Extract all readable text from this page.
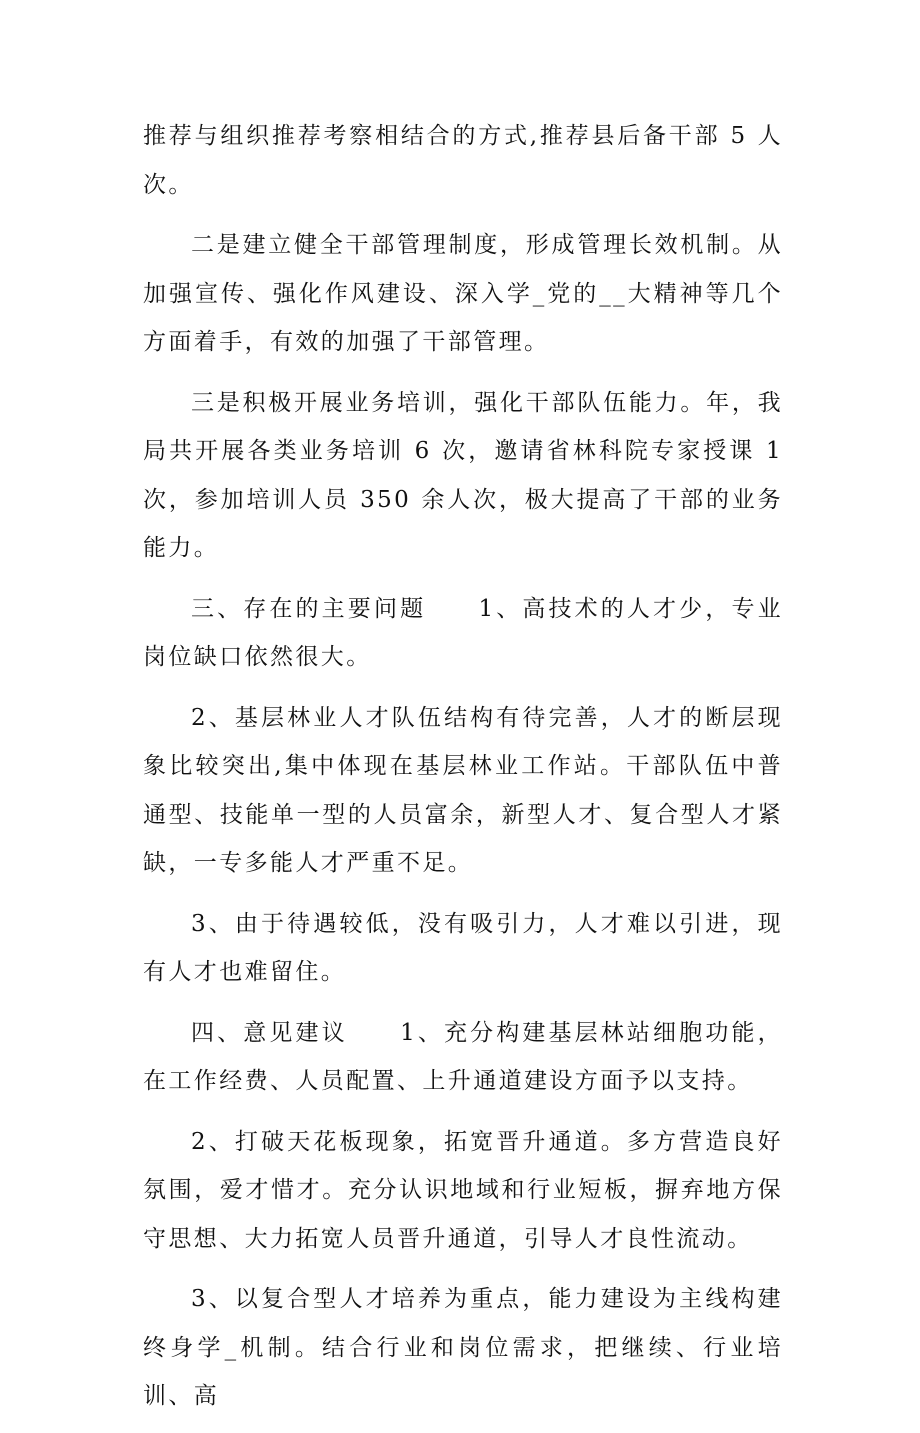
推荐与组织推荐考察相结合的方式,推荐县后备干部 5 人次。

二是建立健全干部管理制度，形成管理长效机制。从加强宣传、强化作风建设、深入学_党的__大精神等几个方面着手，有效的加强了干部管理。

三是积极开展业务培训，强化干部队伍能力。年，我局共开展各类业务培训 6 次，邀请省林科院专家授课 1 次，参加培训人员 350 余人次，极大提高了干部的业务能力。

三、存在的主要问题　　1、高技术的人才少，专业岗位缺口依然很大。

2、基层林业人才队伍结构有待完善，人才的断层现象比较突出,集中体现在基层林业工作站。干部队伍中普通型、技能单一型的人员富余，新型人才、复合型人才紧缺，一专多能人才严重不足。

3、由于待遇较低，没有吸引力，人才难以引进，现有人才也难留住。

四、意见建议　　1、充分构建基层林站细胞功能，在工作经费、人员配置、上升通道建设方面予以支持。

2、打破天花板现象，拓宽晋升通道。多方营造良好氛围，爱才惜才。充分认识地域和行业短板，摒弃地方保守思想、大力拓宽人员晋升通道，引导人才良性流动。

3、以复合型人才培养为重点，能力建设为主线构建终身学_机制。结合行业和岗位需求，把继续、行业培训、高
